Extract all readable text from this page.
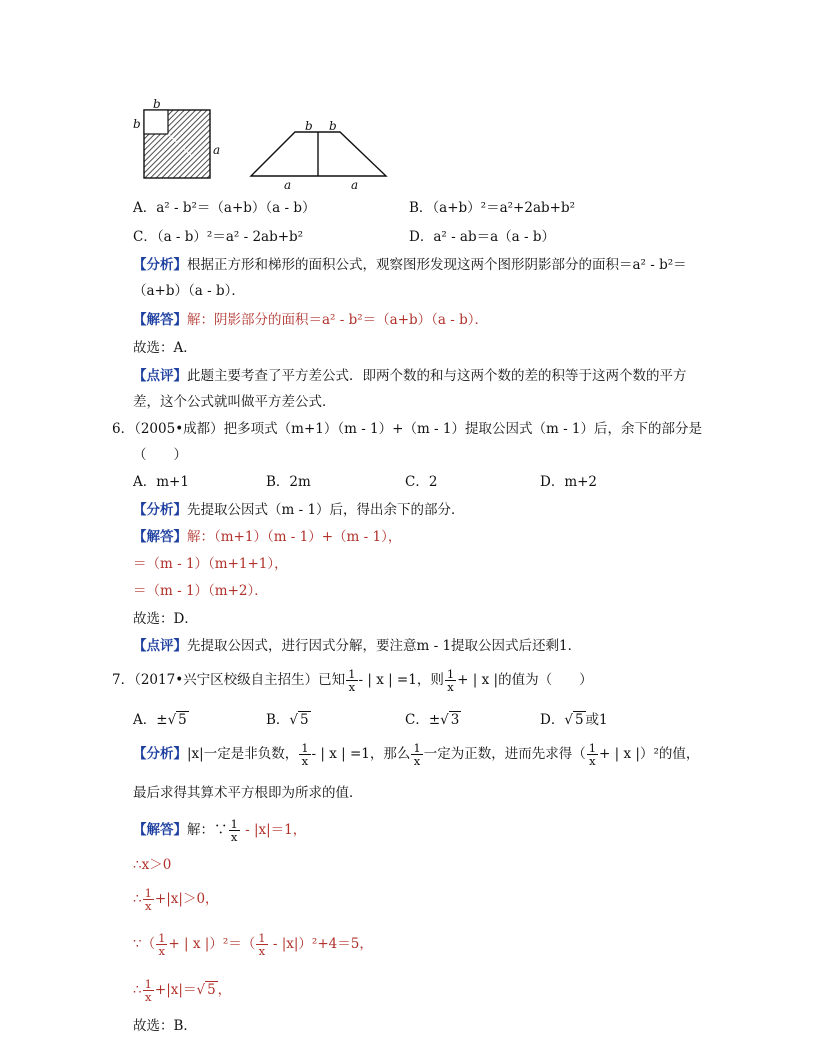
b
b
a
b b
a	a
A．a² - b²＝（a+b）（a - b）	B．（a+b）²＝a²+2ab+b²
C．（a - b）²＝a² - 2ab+b²	D．a² - ab＝a（a - b）
【分析】根据正方形和梯形的面积公式，观察图形发现这两个图形阴影部分的面积＝a² - b²＝
（a+b）（a - b）．
【解答】解：阴影部分的面积＝a² - b²＝（a+b）（a - b）．
故选：A．
【点评】此题主要考查了平方差公式．即两个数的和与这两个数的差的积等于这两个数的平方
差，这个公式就叫做平方差公式．
6．（2005•成都）把多项式（m+1）（m - 1）+（m - 1）提取公因式（m - 1）后，余下的部分是
（　　）
A．m+1	B．2m	C．2	D．m+2
【分析】先提取公因式（m - 1）后，得出余下的部分．
【解答】解：（m+1）（m - 1）+（m - 1），
＝（m - 1）（m+1+1），
＝（m - 1）（m+2）．
故选：D．
【点评】先提取公因式，进行因式分解，要注意m - 1提取公因式后还剩1．
7．（2017•兴宁区校级自主招生）已知 $\frac{1}{x}$ - | x | =1，则 $\frac{1}{x}$ + | x |的值为（　　）
A．±√ 5	B．√ 5	C．±√ 3	D．√ 5 或1
【分析】|x|一定是非负数， $\frac{1}{x}$ - | x | =1，那么 $\frac{1}{x}$ 一定为正数，进而先求得（ $\frac{1}{x}$ + | x |）²的值，
最后求得其算术平方根即为所求的值．
【解答】解：∵ $\frac{1}{x} - |x|=1$，
∴x＞0
∴ $\frac{1}{x} +|x|>0$，
∵（ $\frac{1}{x}$ + | x $|)^2=( \frac{1}{x} - |x|)^2+4=5$，
∴ $\frac{1}{x} +|x|=√$ 5 ，
故选：B．
